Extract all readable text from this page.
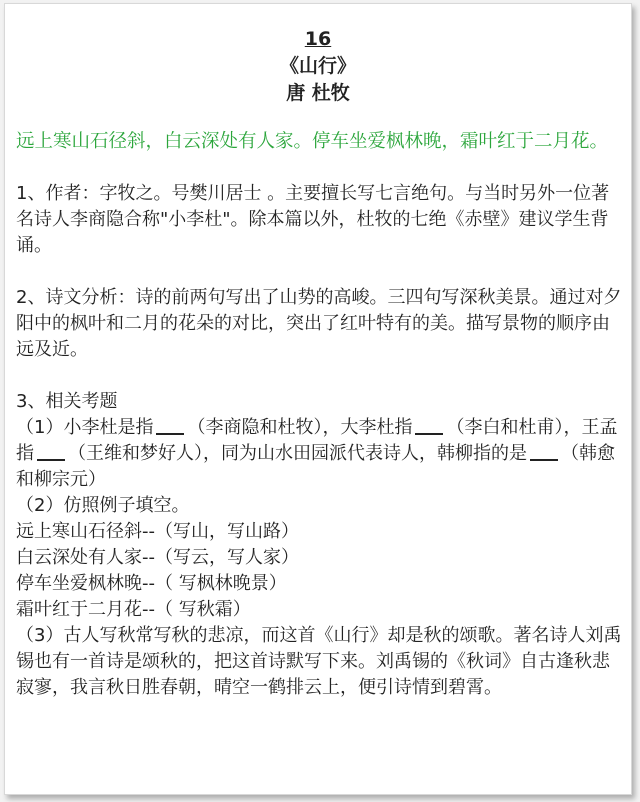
16
《山行》
唐 杜牧

远上寒山石径斜，白云深处有人家。停车坐爱枫林晚，霜叶红于二月花。

1、作者：字牧之。号樊川居士 。主要擅长写七言绝句。与当时另外一位著名诗人李商隐合称"小李杜"。除本篇以外，杜牧的七绝《赤壁》建议学生背诵。

2、诗文分析：诗的前两句写出了山势的高峻。三四句写深秋美景。通过对夕阳中的枫叶和二月的花朵的对比，突出了红叶特有的美。描写景物的顺序由远及近。

3、相关考题

（1）小李杜是指 （李商隐和杜牧），大李杜指 （李白和杜甫），王孟指 （王维和梦好人），同为山水田园派代表诗人，韩柳指的是 （韩愈和柳宗元）

（2）仿照例子填空。

远上寒山石径斜--（写山，写山路）

白云深处有人家--（写云，写人家）

停车坐爱枫林晚--（ 写枫林晚景）

霜叶红于二月花--（ 写秋霜）

（3）古人写秋常写秋的悲凉，而这首《山行》却是秋的颂歌。著名诗人刘禹锡也有一首诗是颂秋的，把这首诗默写下来。刘禹锡的《秋词》自古逢秋悲寂寥，我言秋日胜春朝，晴空一鹤排云上，便引诗情到碧霄。
